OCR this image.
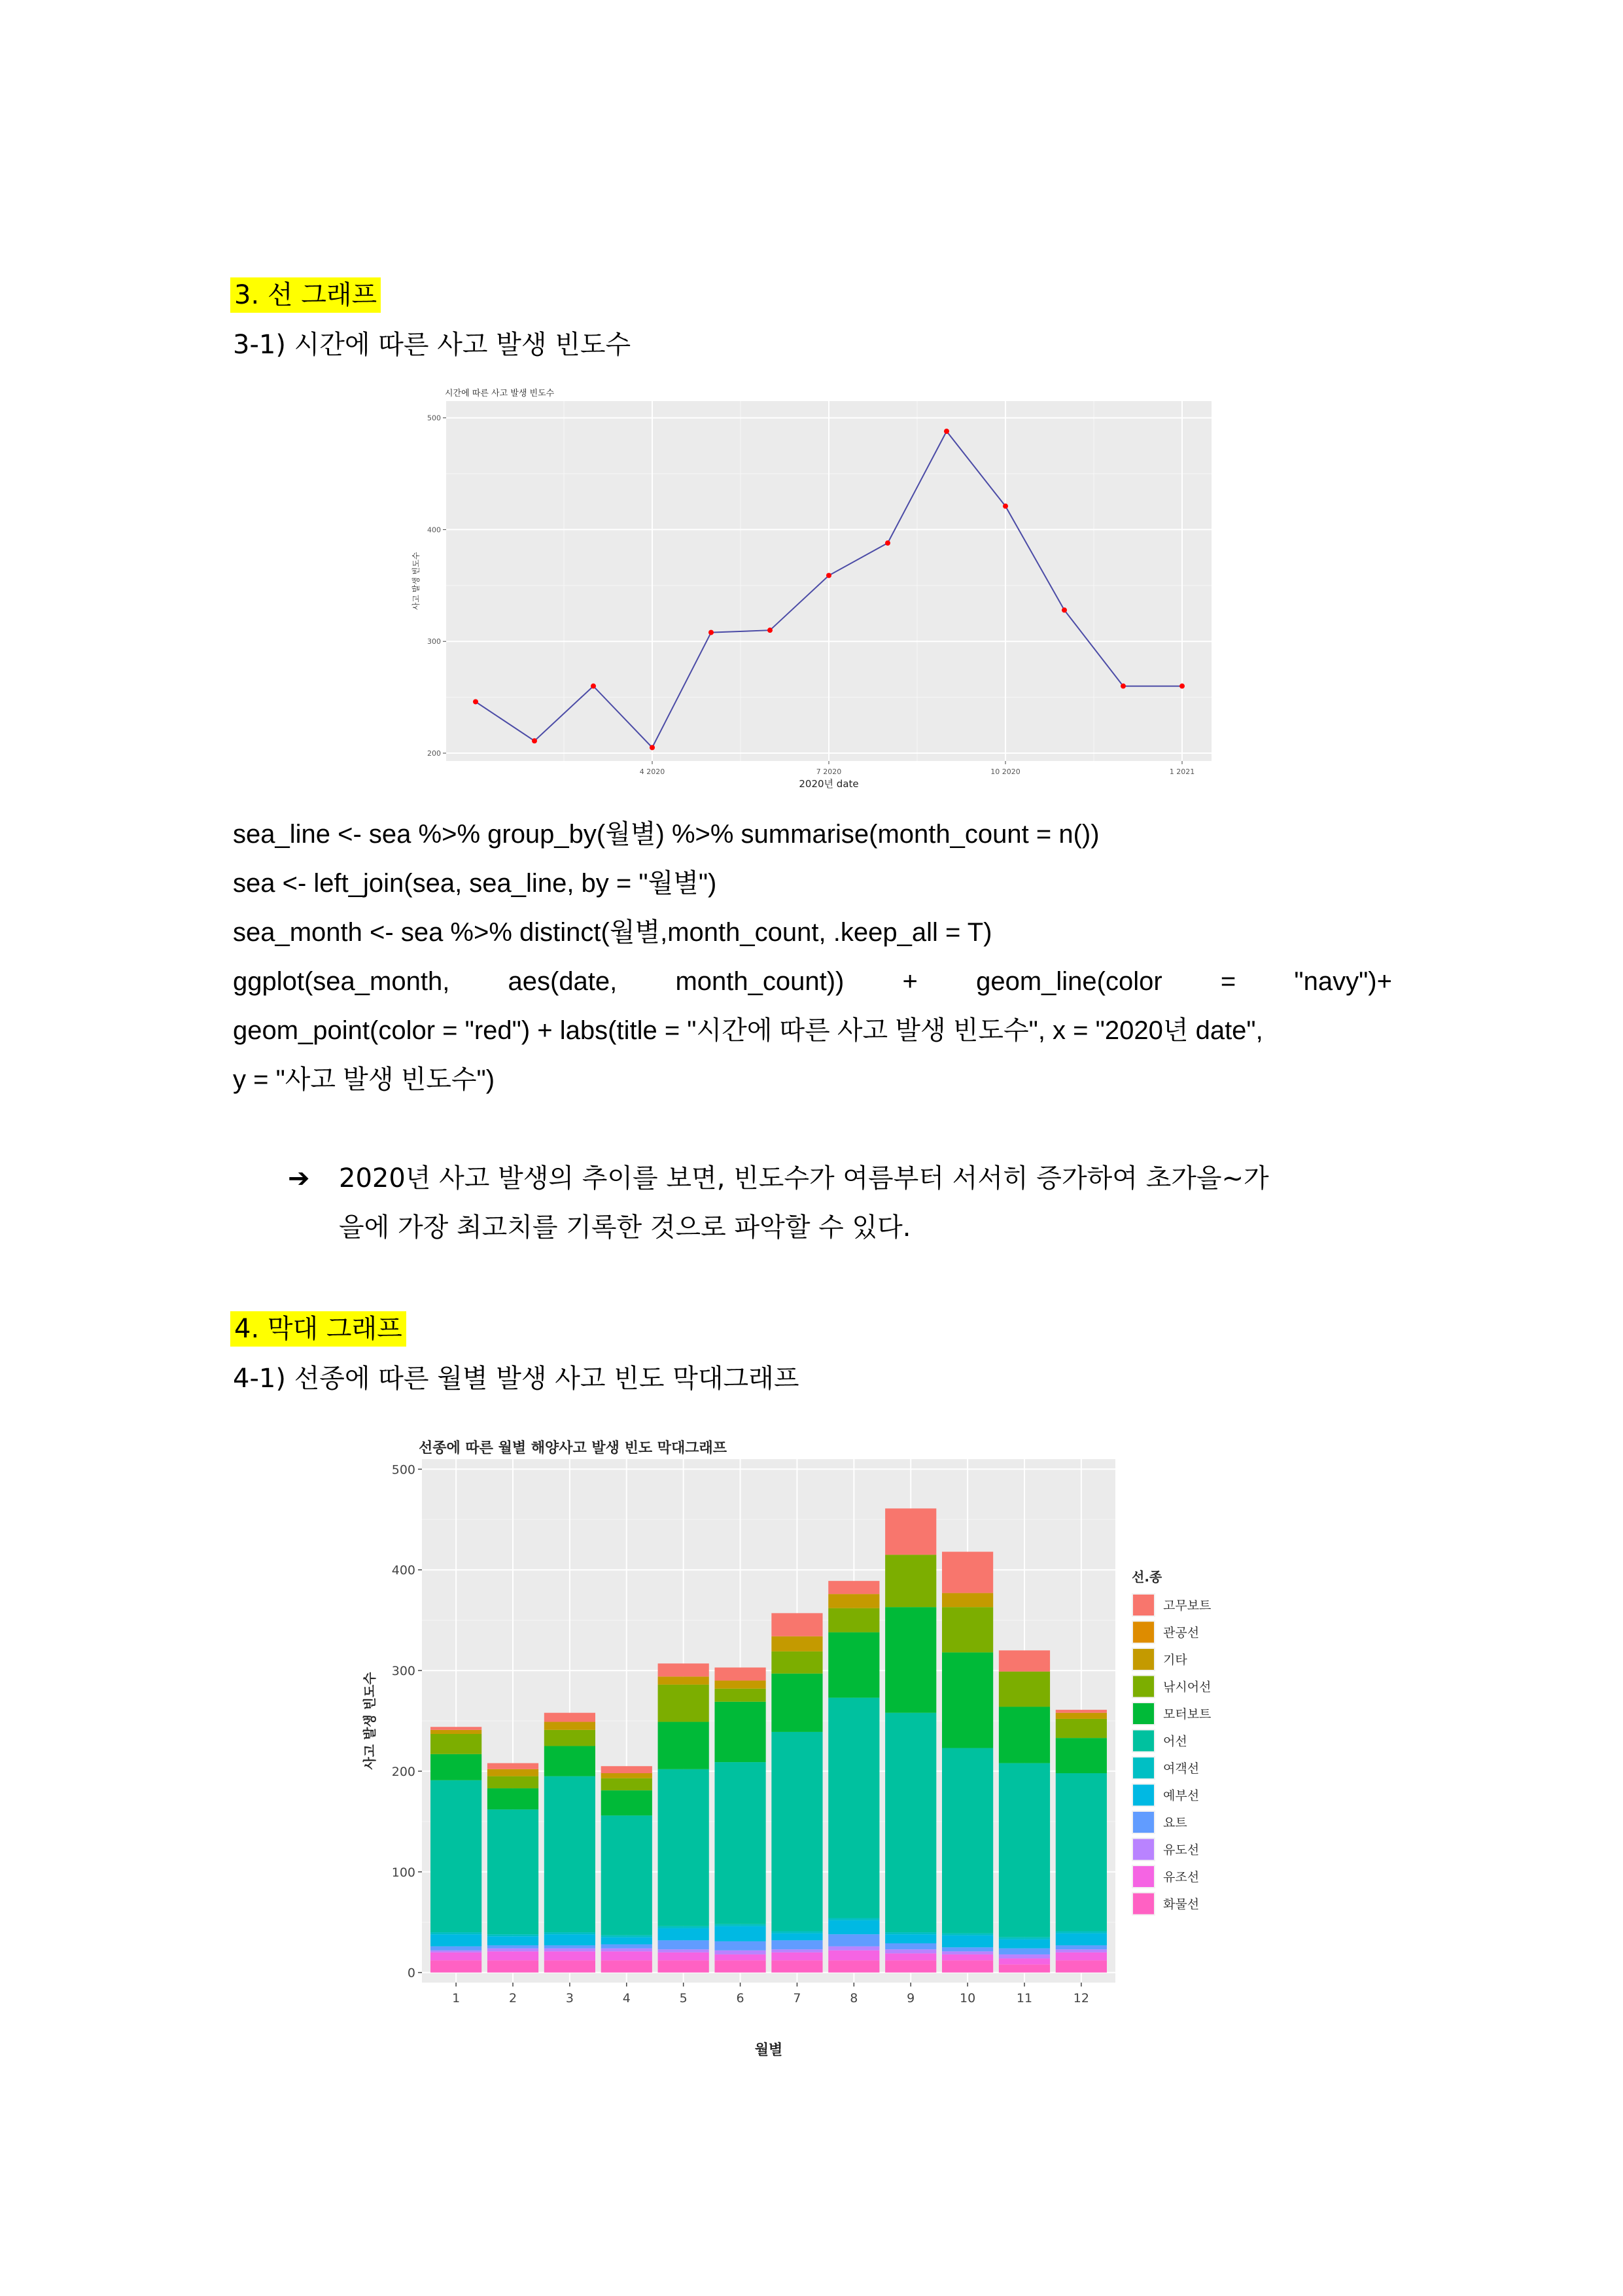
3. 선 그래프
3-1) 시간에 따른 사고 발생 빈도수
시간에 따른 사고 발생 빈도수
200
300
400
500
4 2020	7 2020	10 2020	1 2021
2020년 date
사고 발생 빈도수
sea_line <- sea %>% group_by(월별) %>% summarise(month_count = n())
sea <- left_join(sea, sea_line, by = "월별")
sea_month <- sea %>% distinct(월별,month_count, .keep_all = T)
ggplot(sea_month, aes(date, month_count)) + geom_line(color = "navy")+
geom_point(color = "red") + labs(title = "시간에 따른 사고 발생 빈도수", x = "2020년 date",
y = "사고 발생 빈도수")
➔ 2020년 사고 발생의 추이를 보면, 빈도수가 여름부터 서서히 증가하여 초가을~가
을에 가장 최고치를 기록한 것으로 파악할 수 있다.
4. 막대 그래프
4-1) 선종에 따른 월별 발생 사고 빈도 막대그래프
선종에 따른 월별 해양사고 발생 빈도 막대그래프
0
100
200
300
400
500
1	2	3	4	5	6	7	8	9	10	11	12
월별
사고 발생 빈도수
선.종
고무보트
관공선
기타
낚시어선
모터보트
어선
여객선
예부선
요트
유도선
유조선
화물선
